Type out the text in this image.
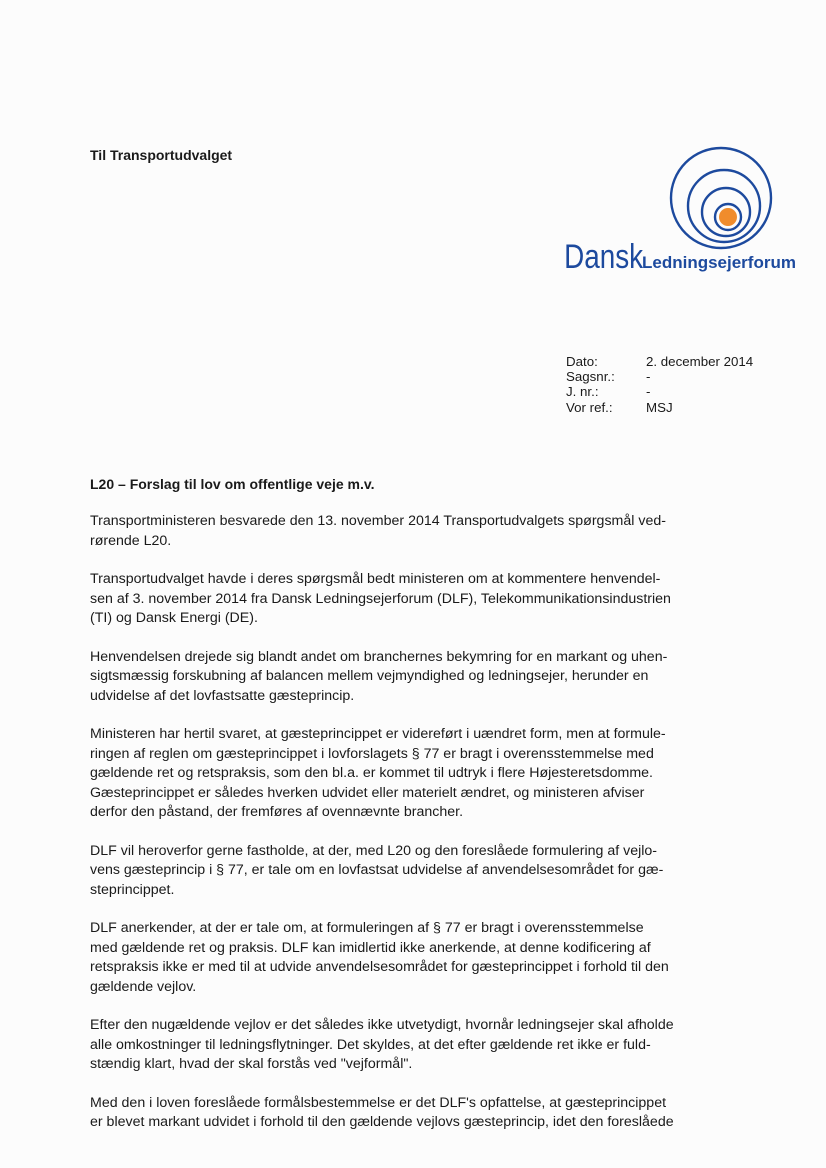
Til Transportudvalget
Dansk
Ledningsejerforum
Dato:	2. december 2014
Sagsnr.:	-
J. nr.:	-
Vor ref.:	MSJ
L20 – Forslag til lov om offentlige veje m.v.

Transportministeren besvarede den 13. november 2014 Transportudvalgets spørgsmål ved-
rørende L20.

Transportudvalget havde i deres spørgsmål bedt ministeren om at kommentere henvendel-
sen af 3. november 2014 fra Dansk Ledningsejerforum (DLF), Telekommunikationsindustrien
(TI) og Dansk Energi (DE).

Henvendelsen drejede sig blandt andet om branchernes bekymring for en markant og uhen-
sigtsmæssig forskubning af balancen mellem vejmyndighed og ledningsejer, herunder en
udvidelse af det lovfastsatte gæsteprincip.

Ministeren har hertil svaret, at gæsteprincippet er videreført i uændret form, men at formule-
ringen af reglen om gæsteprincippet i lovforslagets § 77 er bragt i overensstemmelse med
gældende ret og retspraksis, som den bl.a. er kommet til udtryk i flere Højesteretsdomme.
Gæsteprincippet er således hverken udvidet eller materielt ændret, og ministeren afviser
derfor den påstand, der fremføres af ovennævnte brancher.

DLF vil heroverfor gerne fastholde, at der, med L20 og den foreslåede formulering af vejlo-
vens gæsteprincip i § 77, er tale om en lovfastsat udvidelse af anvendelsesområdet for gæ-
steprincippet.

DLF anerkender, at der er tale om, at formuleringen af § 77 er bragt i overensstemmelse
med gældende ret og praksis. DLF kan imidlertid ikke anerkende, at denne kodificering af
retspraksis ikke er med til at udvide anvendelsesområdet for gæsteprincippet i forhold til den
gældende vejlov.

Efter den nugældende vejlov er det således ikke utvetydigt, hvornår ledningsejer skal afholde
alle omkostninger til ledningsflytninger. Det skyldes, at det efter gældende ret ikke er fuld-
stændig klart, hvad der skal forstås ved "vejformål".

Med den i loven foreslåede formålsbestemmelse er det DLF's opfattelse, at gæsteprincippet
er blevet markant udvidet i forhold til den gældende vejlovs gæsteprincip, idet den foreslåede
